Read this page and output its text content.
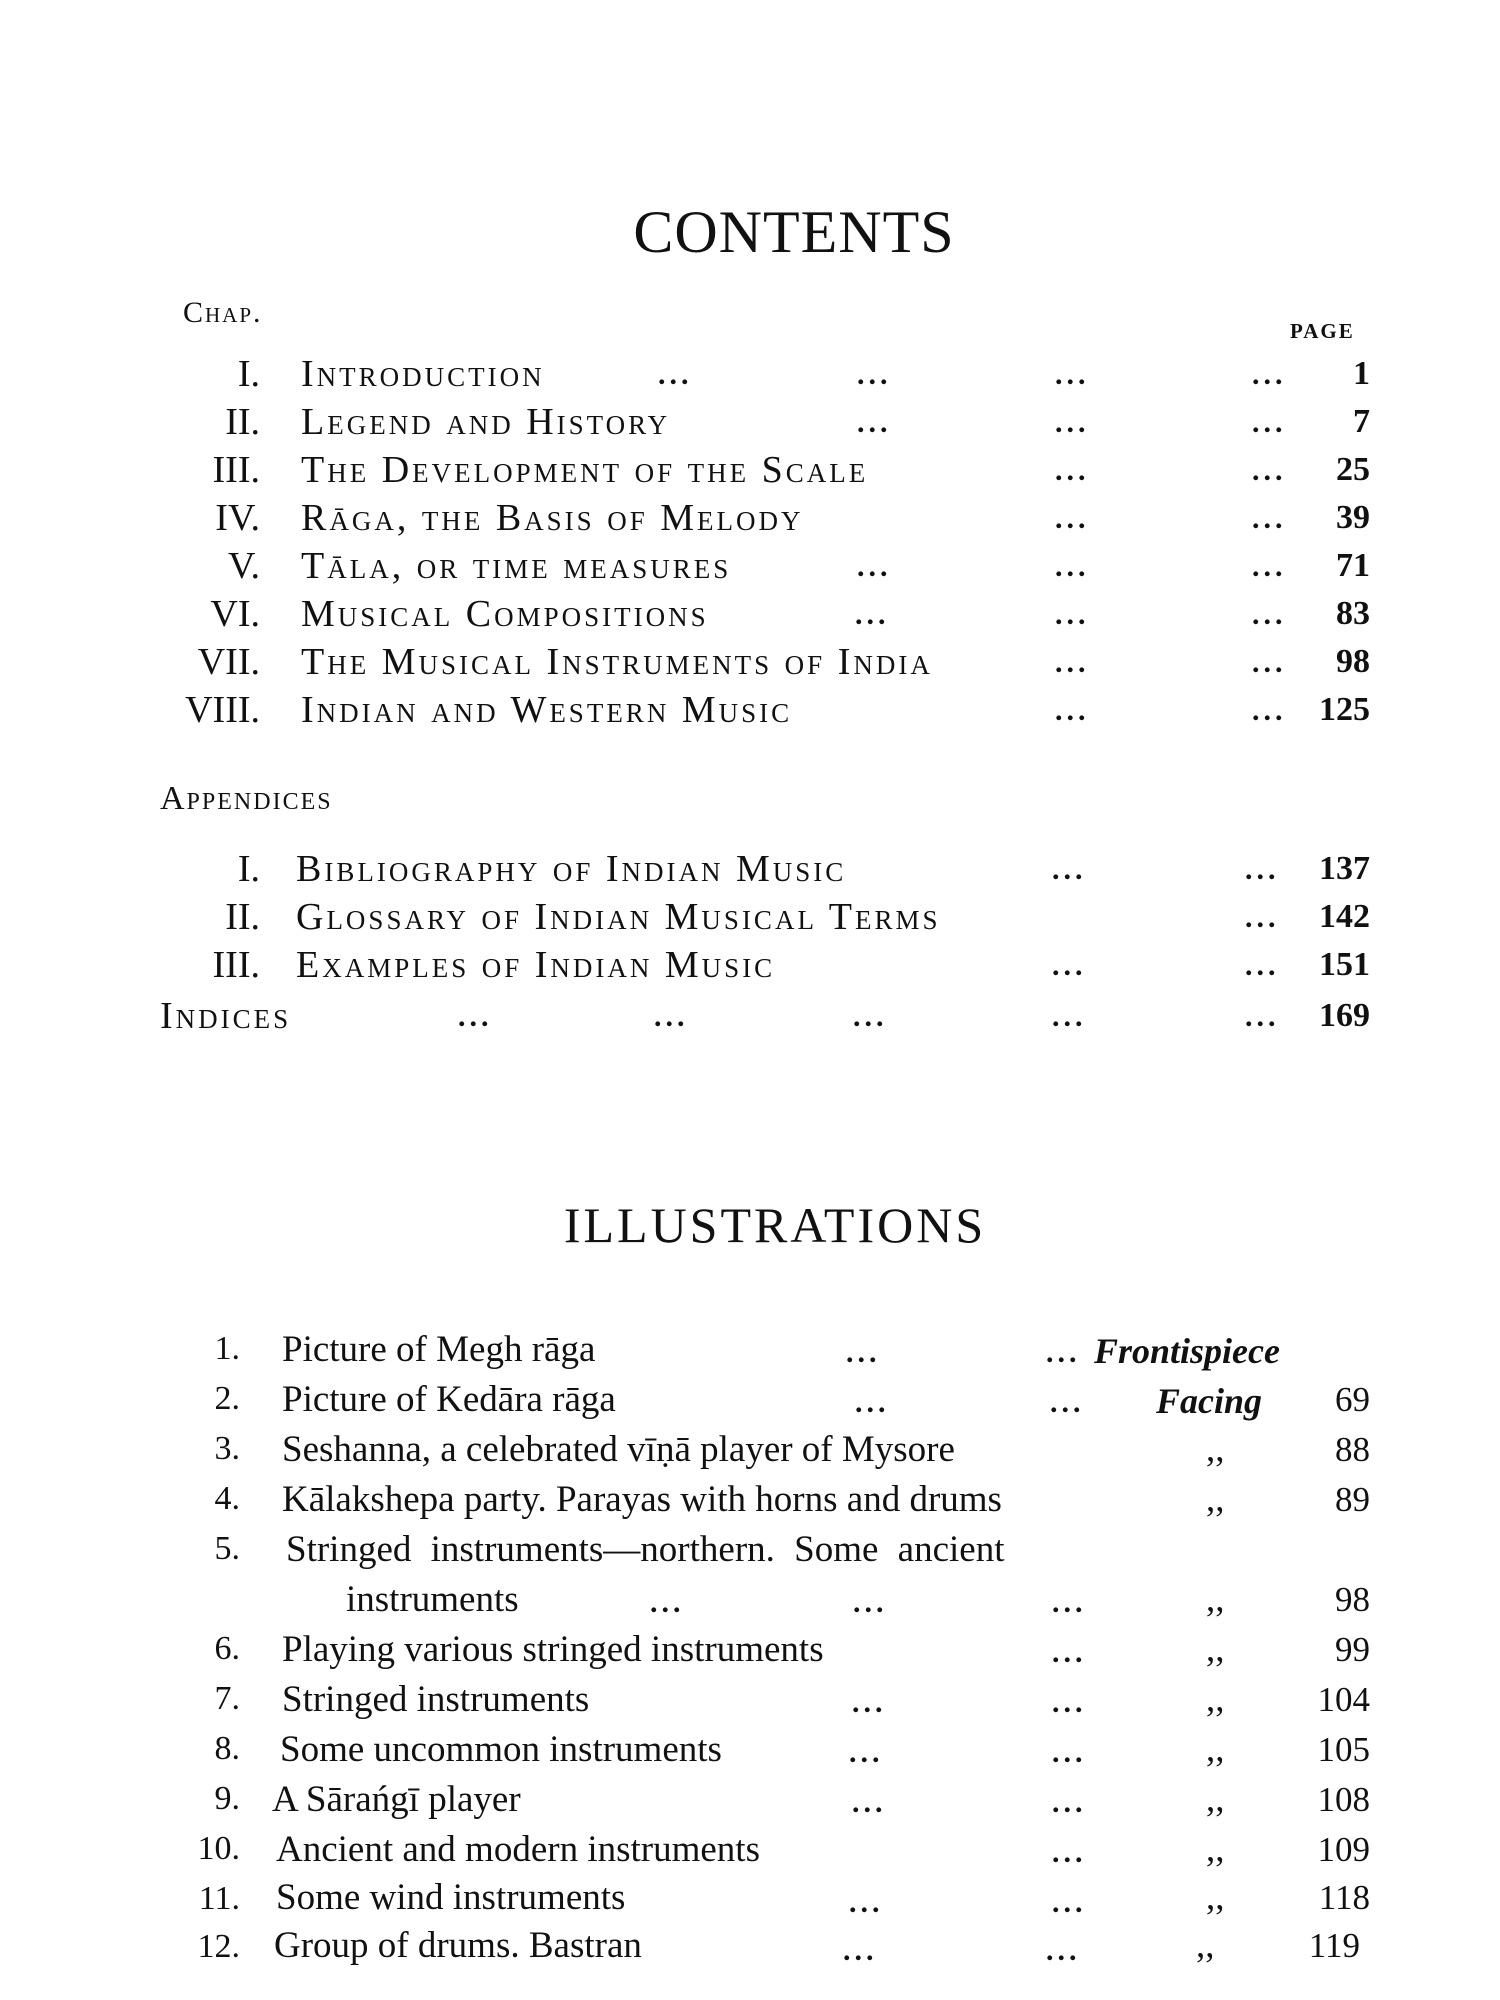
CONTENTS
Chap.	page
I. Introduction	...	...	...	...	1
II. Legend and History	...	...	...	7
III. The Development of the Scale	...	...	25
IV. Rāga, the Basis of Melody	...	...	39
V. Tāla, or time measures	...	...	...	71
VI. Musical Compositions	...	...	...	83
VII. The Musical Instruments of India	...	...	98
VIII. Indian and Western Music	...	... 125
Appendices
I. Bibliography of Indian Music	...	...	137
II. Glossary of Indian Musical Terms	...	142
III. Examples of Indian Music	...	...	151
Indices	...	...	...	...	...	169
ILLUSTRATIONS
1. Picture of Megh rāga	...	... Frontispiece
2. Picture of Kedāra rāga	...	... Facing	69
3. Seshanna, a celebrated vīṇā player of Mysore	,,	88
4. Kālakshepa party. Parayas with horns and drums	,,	89
5. Stringed instruments—northern. Some ancient
instruments	...	...	...	,,	98
6. Playing various stringed instruments	...	,,	99
7. Stringed instruments	...	...	,,	104
8. Some uncommon instruments	...	...	,,	105
9. A Sārańgī player	...	...	,,	108
10. Ancient and modern instruments	...	,,	109
11. Some wind instruments	...	...	,,	118
12. Group of drums. Bastran	...	...	,,	119
